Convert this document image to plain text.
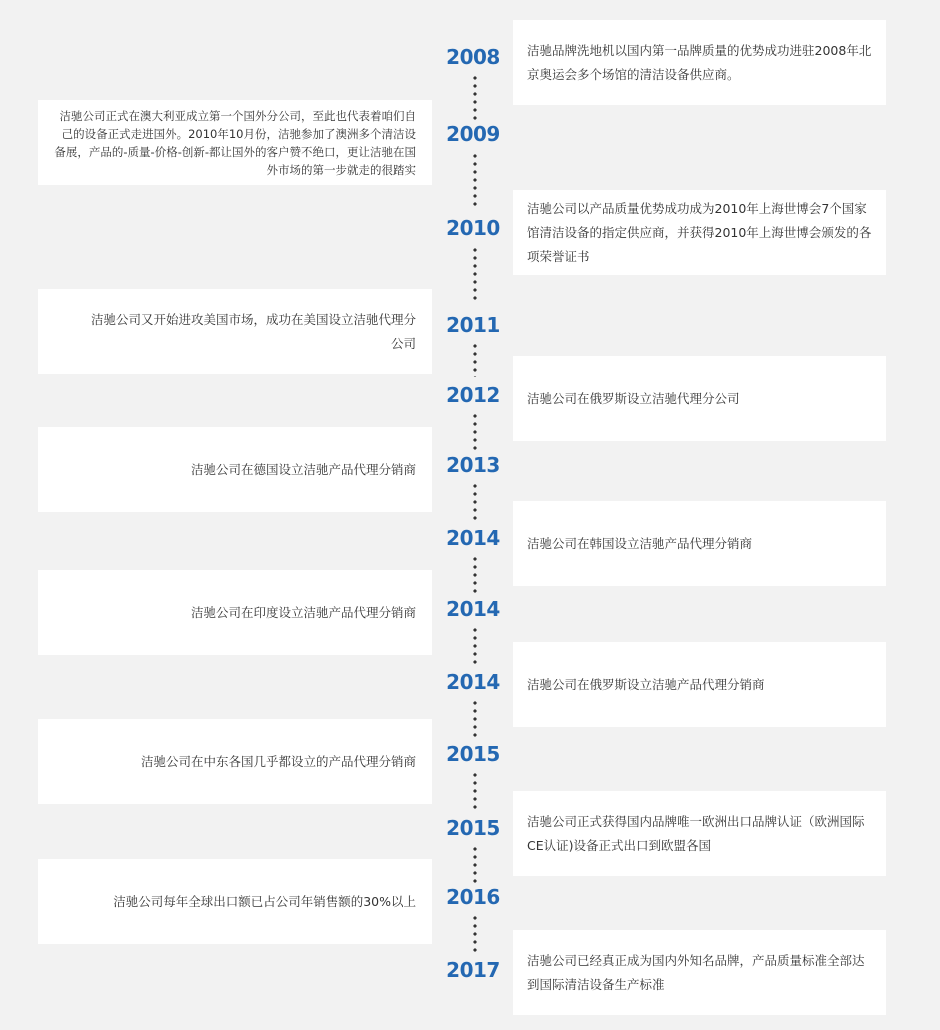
洁驰品牌洗地机以国内第一品牌质量的优势成功进驻2008年北京奥运会多个场馆的清洁设备供应商。
2008
洁驰公司正式在澳大利亚成立第一个国外分公司，至此也代表着咱们自己的设备正式走进国外。2010年10月份，洁驰参加了澳洲多个清洁设备展，产品的-质量-价格-创新-都让国外的客户赞不绝口，更让洁驰在国外市场的第一步就走的很踏实
2009
洁驰公司以产品质量优势成功成为2010年上海世博会7个国家馆清洁设备的指定供应商，并获得2010年上海世博会颁发的各项荣誉证书
2010
洁驰公司又开始进攻美国市场，成功在美国设立洁驰代理分公司
2011
洁驰公司在俄罗斯设立洁驰代理分公司
2012
洁驰公司在德国设立洁驰产品代理分销商	2013
洁驰公司在韩国设立洁驰产品代理分销商
2014
洁驰公司在印度设立洁驰产品代理分销商	2014
洁驰公司在俄罗斯设立洁驰产品代理分销商
2014
洁驰公司在中东各国几乎都设立的产品代理分销商	2015
洁驰公司正式获得国内品牌唯一欧洲出口品牌认证（欧洲国际CE认证)设备正式出口到欧盟各国
2015
洁驰公司每年全球出口额已占公司年销售额的30%以上	2016
洁驰公司已经真正成为国内外知名品牌，产品质量标准全部达到国际清洁设备生产标准
2017
